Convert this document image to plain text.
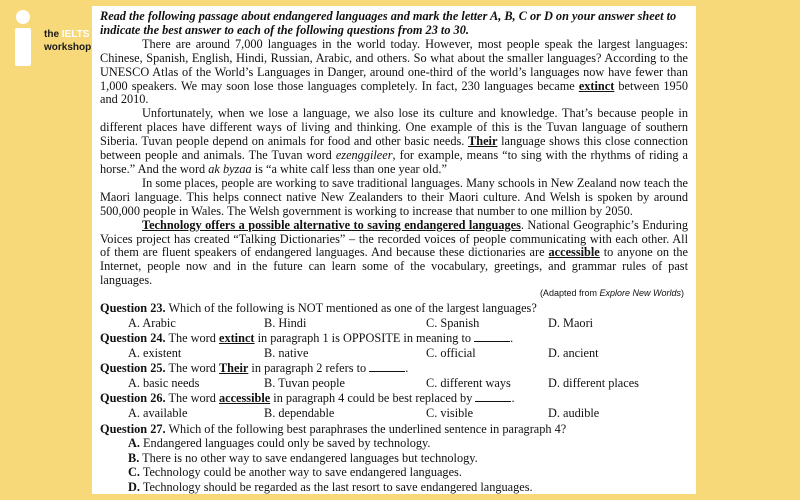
the IELTS
workshop

Read the following passage about endangered languages and mark the letter A, B, C or D on your answer sheet to
indicate the best answer to each of the following questions from 23 to 30.

There are around 7,000 languages in the world today. However, most people speak the largest languages: Chinese, Spanish, English, Hindi, Russian, Arabic, and others. So what about the smaller languages? According to the UNESCO Atlas of the World’s Languages in Danger, around one-third of the world’s languages now have fewer than 1,000 speakers. We may soon lose those languages completely. In fact, 230 languages became extinct between 1950 and 2010.

Unfortunately, when we lose a language, we also lose its culture and knowledge. That’s because people in different places have different ways of living and thinking. One example of this is the Tuvan language of southern Siberia. Tuvan people depend on animals for food and other basic needs. Their language shows this close connection between people and animals. The Tuvan word ezenggileer, for example, means “to sing with the rhythms of riding a horse.” And the word ak byzaa is “a white calf less than one year old.”

In some places, people are working to save traditional languages. Many schools in New Zealand now teach the Maori language. This helps connect native New Zealanders to their Maori culture. And Welsh is spoken by around 500,000 people in Wales. The Welsh government is working to increase that number to one million by 2050.

Technology offers a possible alternative to saving endangered languages. National Geographic’s Enduring Voices project has created “Talking Dictionaries” – the recorded voices of people communicating with each other. All of them are fluent speakers of endangered languages. And because these dictionaries are accessible to anyone on the Internet, people now and in the future can learn some of the vocabulary, greetings, and grammar rules of past languages.

(Adapted from Explore New Worlds)

Question 23. Which of the following is NOT mentioned as one of the largest languages?

A. Arabic	B. Hindi	C. Spanish	D. Maori

Question 24. The word extinct in paragraph 1 is OPPOSITE in meaning to	.

A. existent	B. native	C. official	D. ancient

Question 25. The word Their in paragraph 2 refers to	.

A. basic needs	B. Tuvan people	C. different ways	D. different places

Question 26. The word accessible in paragraph 4 could be best replaced by	.

A. available	B. dependable	C. visible	D. audible

Question 27. Which of the following best paraphrases the underlined sentence in paragraph 4?

A. Endangered languages could only be saved by technology.

B. There is no other way to save endangered languages but technology.

C. Technology could be another way to save endangered languages.

D. Technology should be regarded as the last resort to save endangered languages.
